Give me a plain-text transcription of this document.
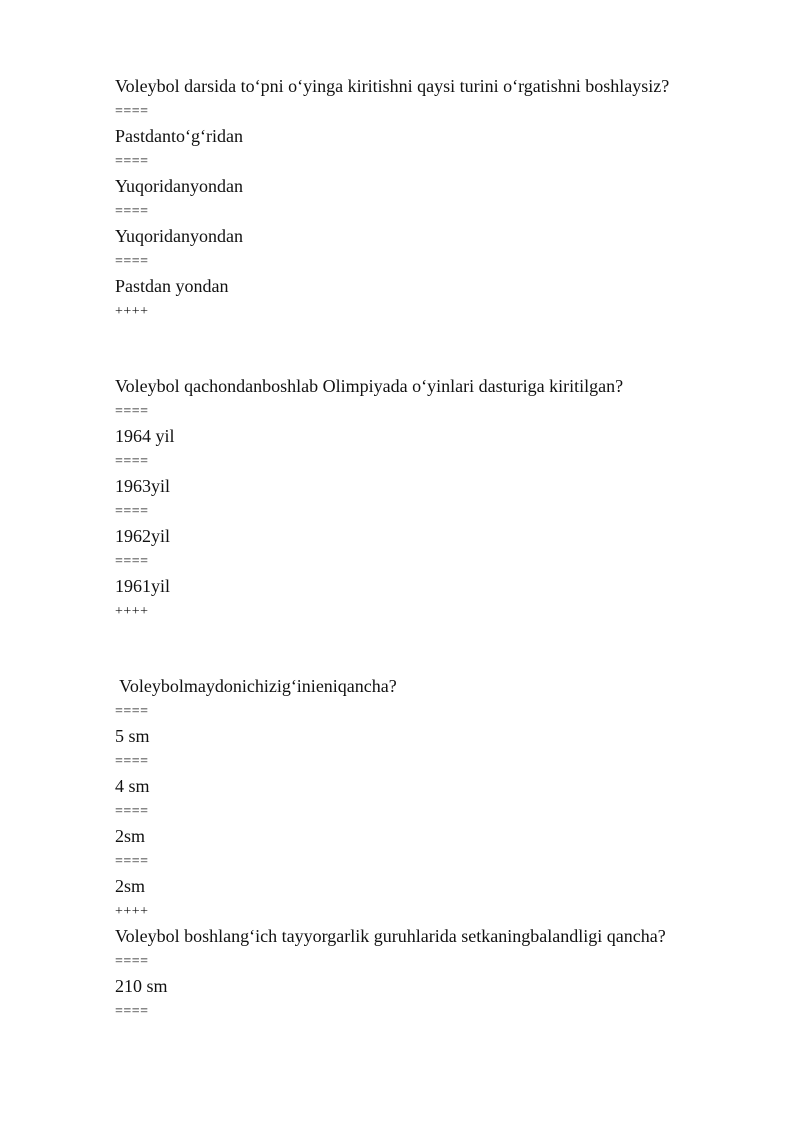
Voleybol darsida to‘pni o‘yinga kiritishni qaysi turini o‘rgatishni boshlaysiz?
====
Pastdanto‘g‘ridan
====
Yuqoridanyondan
====
Yuqoridanyondan
====
Pastdan yondan
++++
Voleybol qachondanboshlab Olimpiyada o‘yinlari dasturiga kiritilgan?
====
1964 yil
====
1963yil
====
1962yil
====
1961yil
++++
Voleybolmaydonichizig‘inieniqancha?
====
5 sm
====
4 sm
====
2sm
====
2sm
++++
Voleybol boshlang‘ich tayyorgarlik guruhlarida setkaningbalandligi qancha?
====
210 sm
====
